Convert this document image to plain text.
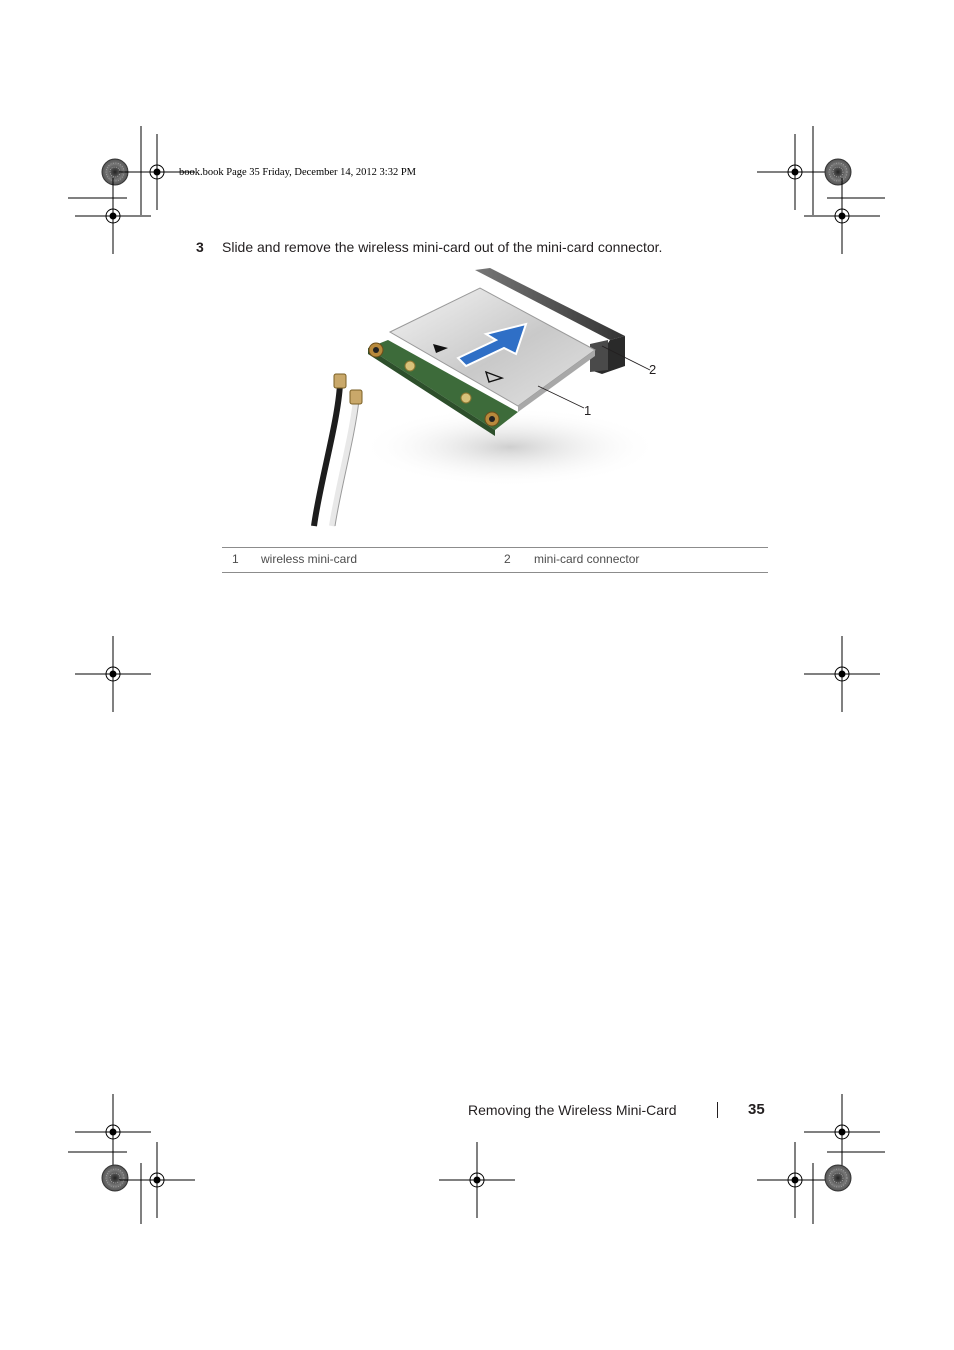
book.book Page 35 Friday, December 14, 2012 3:32 PM
3 Slide and remove the wireless mini-card out of the mini-card connector.
2
1
1 wireless mini-card	2 mini-card connector
Removing the Wireless Mini-Card	35
